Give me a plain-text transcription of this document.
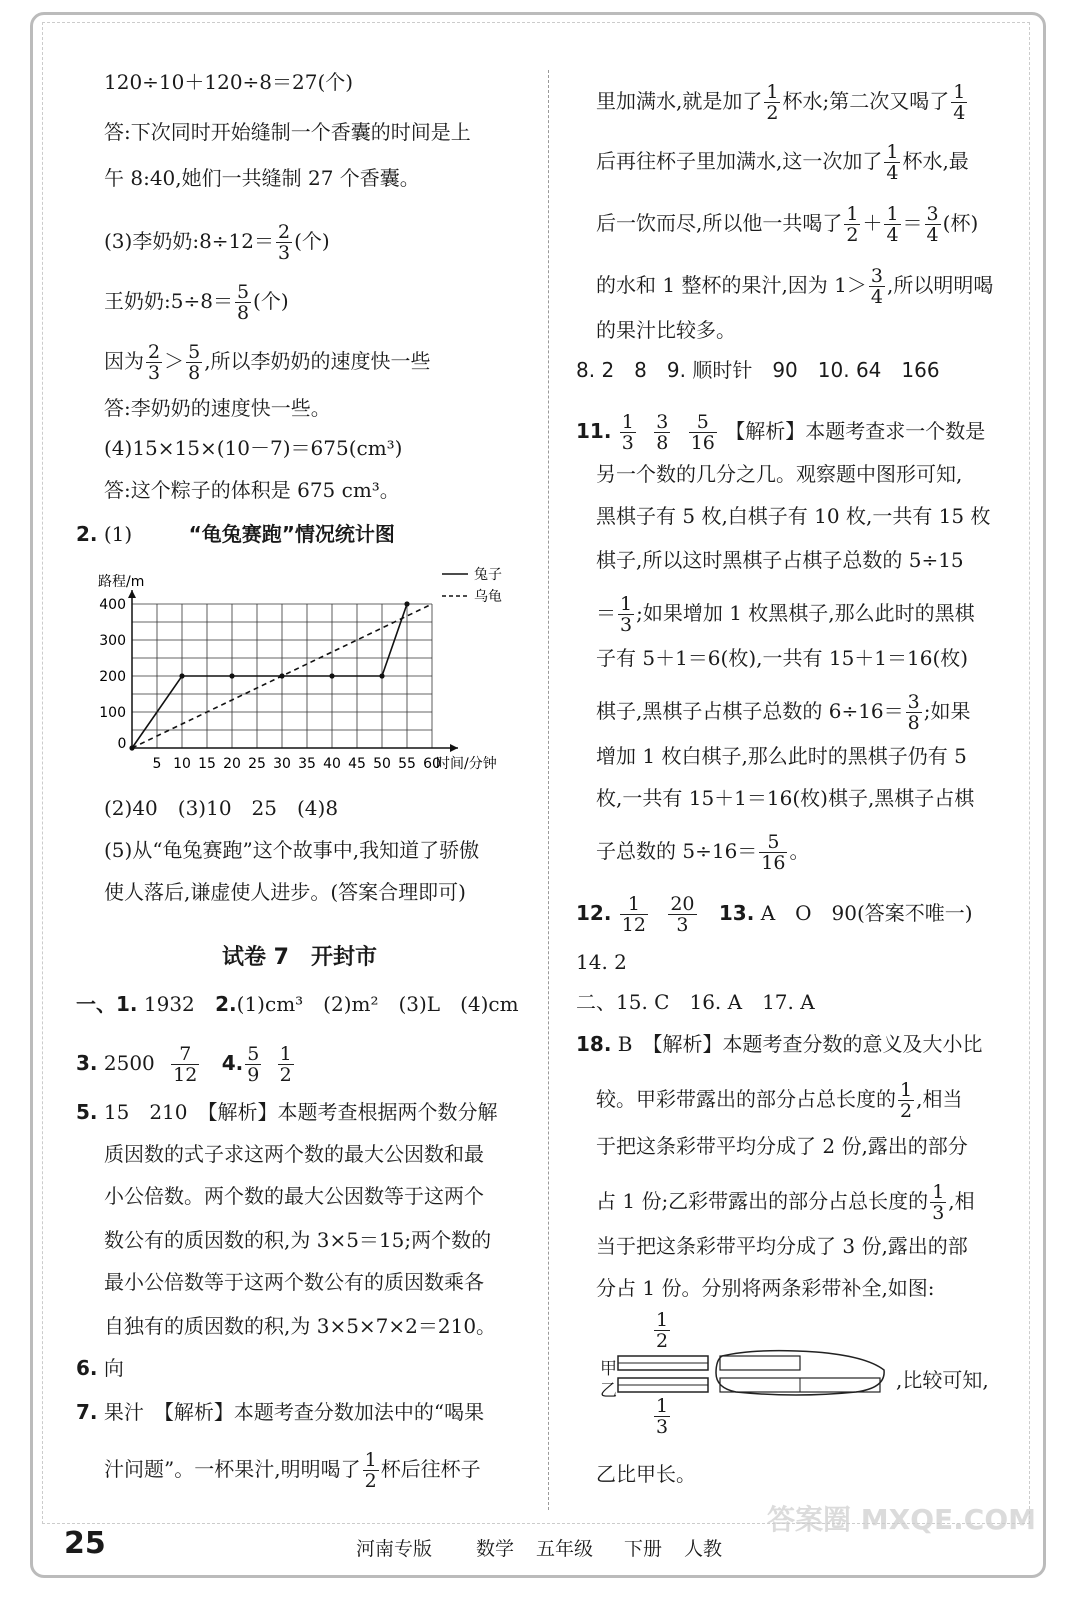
120÷10＋120÷8＝27(个)
答:下次同时开始缝制一个香囊的时间是上
午 8:40,她们一共缝制 27 个香囊。
(3)李奶奶:8÷12＝ $\frac{2}{3}$ (个)
王奶奶:5÷8＝ $\frac{5}{8}$ (个)
因为 $\frac{2}{3} > \frac{5}{8}$ ,所以李奶奶的速度快一些
答:李奶奶的速度快一些。
(4)15×15×(10－7)＝675(cm³)
答:这个粽子的体积是 675 cm³。
2. (1)	“龟兔赛跑”情况统计图
0
5 10 15 20 25 30 35 40 45 50 55 60
100
200
300
400
时间/分钟
路程/m	兔子
乌龟
(2)40　(3)10　25　(4)8
(5)从“龟兔赛跑”这个故事中,我知道了骄傲
使人落后,谦虚使人进步。(答案合理即可)
试卷 7　开封市
一、1. 1932 2.(1)cm³　(2)m²　(3)L　(4)cm
3. $2500 \frac{7}{12} 4$. $\frac{5}{9}$
$\frac{1}{2}$
5. 15　210　【解析】本题考查根据两个数分解
质因数的式子求这两个数的最大公因数和最
小公倍数。两个数的最大公因数等于这两个
数公有的质因数的积,为 3×5＝15;两个数的
最小公倍数等于这两个数公有的质因数乘各
自独有的质因数的积,为 3×5×7×2＝210。
6. 向
7. 果汁　【解析】本题考查分数加法中的“喝果
汁问题”。一杯果汁,明明喝了 $\frac{1}{2}$ 杯后往杯子
里加满水,就是加了 $\frac{1}{2}$ 杯水;第二次又喝了 $\frac{1}{4}$
后再往杯子里加满水,这一次加了 $\frac{1}{4}$ 杯水,最
后一饮而尽,所以他一共喝了 $\frac{1}{2} + \frac{1}{4} = \frac{3}{4}$ (杯)
的水和 1 整杯的果汁,因为 $1> \frac{3}{4}$ ,所以明明喝
的果汁比较多。
8. 2　8　9. 顺时针　90　10. 64　166
11. $\frac{1}{3}$
$\frac{3}{8}$
$\frac{5}{16}$ 【解析】本题考查求一个数是
另一个数的几分之几。观察题中图形可知,
黑棋子有 5 枚,白棋子有 10 枚,一共有 15 枚
棋子,所以这时黑棋子占棋子总数的 5÷15
＝ $\frac{1}{3}$ ;如果增加 1 枚黑棋子,那么此时的黑棋
子有 5＋1＝6(枚),一共有 15＋1＝16(枚)
棋子,黑棋子占棋子总数的 $6\div 16= \frac{3}{8}$ ;如果
增加 1 枚白棋子,那么此时的黑棋子仍有 5
枚,一共有 15＋1＝16(枚)棋子,黑棋子占棋
子总数的 $5\div 16= \frac{5}{16}$ 。
12. $\frac{1}{12}$
$\frac{20}{3} 13$. A　O　90(答案不唯一)
14. 2
二、15. C　16. A　17. A
18. B　【解析】本题考查分数的意义及大小比
较。甲彩带露出的部分占总长度的 $\frac{1}{2}$ ,相当
于把这条彩带平均分成了 2 份,露出的部分
占 1 份;乙彩带露出的部分占总长度的 $\frac{1}{3}$ ,相
当于把这条彩带平均分成了 3 份,露出的部
分占 1 份。分别将两条彩带补全,如图:
$\frac{1}{2}$
甲
乙
$\frac{1}{3}$
,比较可知,
乙比甲长。
25	河南专版 数学 五年级 下册 人教
答案圈 MXQE.COM
